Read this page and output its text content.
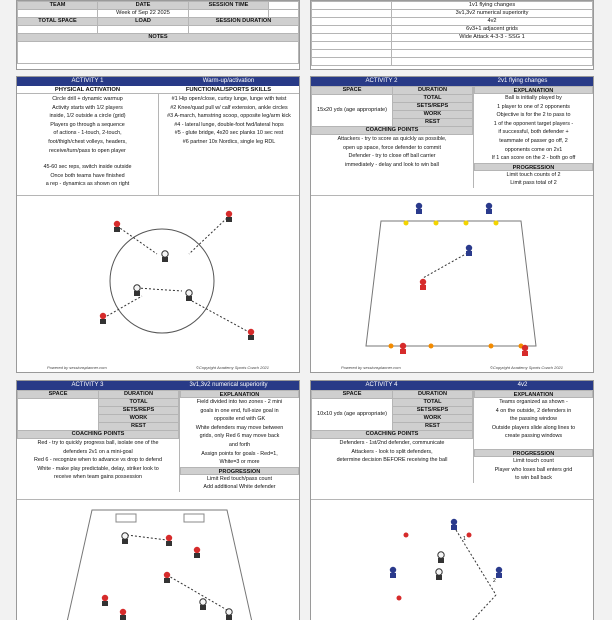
TEAM	DATE	SESSION TIME	
	Week of Sep 22 2025		
TOTAL SPACE	LOAD	SESSION DURATION	

NOTES			

	1v1 flying changes
	3v1,3v2 numerical superiority
	4v2
	6v3+1 adjacent grids
	Wide Attack 4-3-3 - SSG 1

ACTIVITY 1	Warm-up/activation
PHYSICAL ACTIVATION	FUNCTIONAL/SPORTS SKILLS
Circle drill + dynamic warmup
Activity starts with 1/2 players
inside, 1/2 outside a circle (grid)
Players go through a sequence
of actions - 1-touch, 2-touch,
foot/thigh/chest volleys, headers,
receive/turn/pass to open player
45-60 sec reps, switch inside outside
Once both teams have finished
a rep - dynamics as shown on right
#1 Hip open/close, curtsy lunge, lunge with twist
#2 Knee/quad pull w/ calf extension, ankle circles
#3 A-march, hamstring scoop, opposite leg/arm kick
#4 - lateral lunge, double-foot fwd/lateral hops
#5 - glute bridge, 4x20 sec planks 10 sec rest
#6 partner 10x Nordics, single leg RDL
Powered by sessionsplanner.com	©Copyright Academy Sports Coach 2021
ACTIVITY 2	2v1 flying changes
SPACE	DURATION
15x20 yds (age appropriate)	TOTAL
	SETS/REPS
	WORK
	REST
COACHING POINTS	
Attackers - try to score as quickly as possible,
open up space, force defender to commit
Defender - try to close off ball carrier
immediately - delay and look to win ball
EXPLANATION
Ball is initially played by
1 player to one of 2 opponents
Objective is for the 2 to pass to
1 of the opponent target players -
if successful, both defender +
teammate of passer go off, 2
opponents come on 2v1
If 1 can score on the 2 - both go off
PROGRESSION
Limit touch counts of 2
Limit pass total of 2
Powered by sessionsplanner.com	©Copyright Academy Sports Coach 2021
ACTIVITY 3	3v1,3v2 numerical superiority
SPACE	DURATION
	TOTAL
	SETS/REPS
	WORK
	REST
COACHING POINTS	
Red - try to quickly progress ball, isolate one of the
defenders 2v1 on a mini-goal
Red 6 - recognize when to advance vs drop to defend
White - make play predictable, delay, striker look to
receive when team gains possession
EXPLANATION
Field divided into two zones - 2 mini
goals in one end, full-size goal in
opposite end with GK
White defenders may move between
grids, only Red 6 may move back
and forth
Assign points for goals - Red=1,
White=3 or more
PROGRESSION
Limit Red touch/pass count
Add additional White defender
ACTIVITY 4	4v2
SPACE	DURATION
10x10 yds (age appropriate)	TOTAL
	SETS/REPS
	WORK
	REST
COACHING POINTS	
Defenders - 1st/2nd defender, communicate
Attackers - look to split defenders,
determine decision BEFORE receiving the ball
EXPLANATION
Teams organized as shown -
4 on the outside, 2 defenders in
the passing window
Outside players slide along lines to
create passing windows
PROGRESSION
Limit touch count
Player who loses ball enters grid
to win ball back
1
2
